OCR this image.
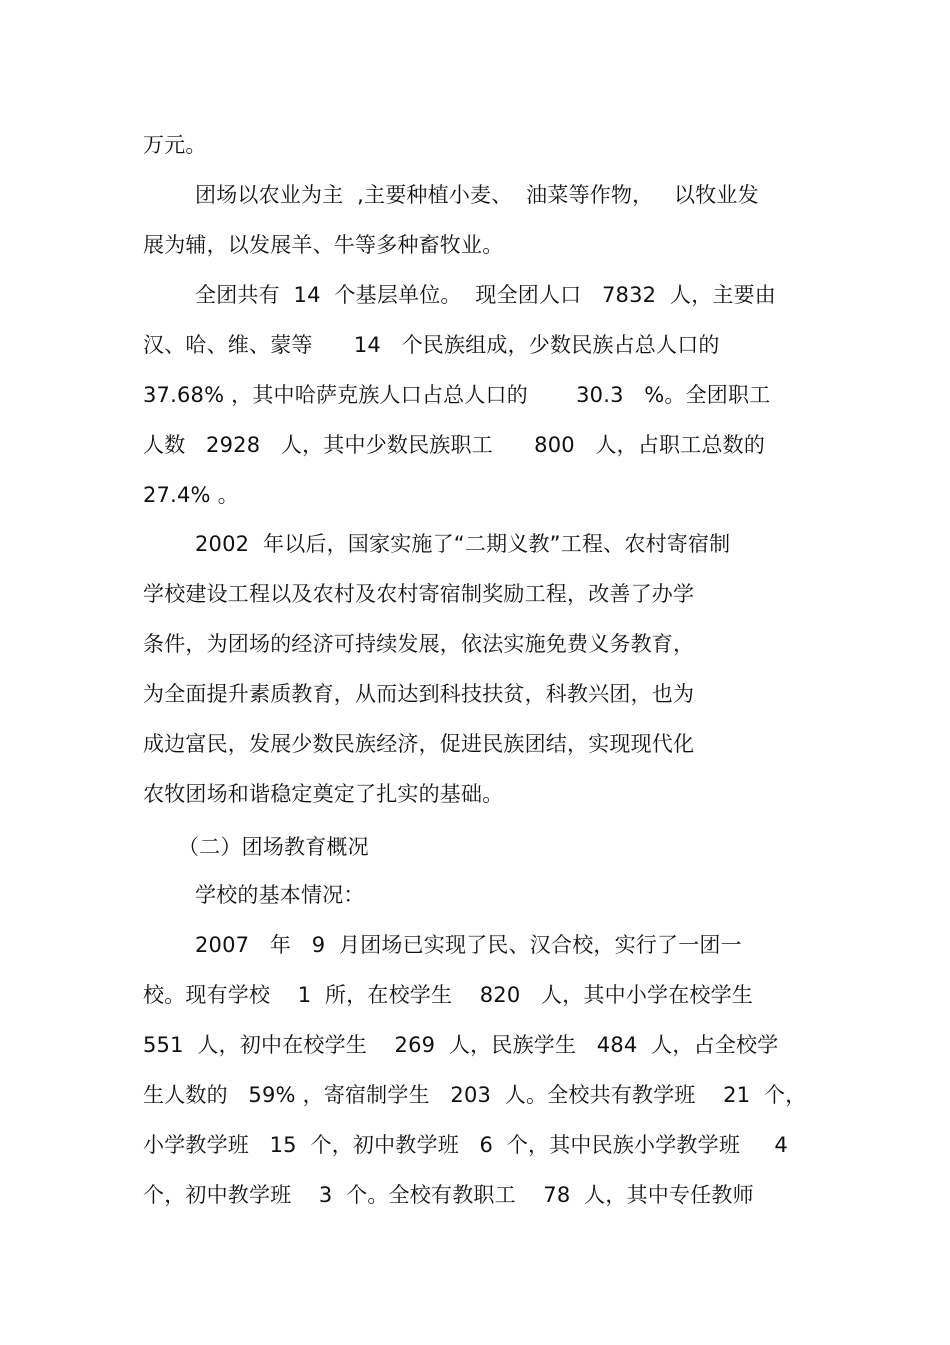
万元。
团场以农业为主  ,主要种植小麦、  油菜等作物，   以牧业发
展为辅，以发展羊、牛等多种畜牧业。
全团共有  14  个基层单位。  现全团人口   7832  人，主要由
汉、哈、维、蒙等      14   个民族组成，少数民族占总人口的
37.68% ，其中哈萨克族人口占总人口的       30.3   %。全团职工
人数   2928   人，其中少数民族职工      800   人，占职工总数的
27.4% 。
2002  年以后，国家实施了“二期义教”工程、农村寄宿制
学校建设工程以及农村及农村寄宿制奖励工程，改善了办学
条件，为团场的经济可持续发展，依法实施免费义务教育，
为全面提升素质教育，从而达到科技扶贫，科教兴团，也为
成边富民，发展少数民族经济，促进民族团结，实现现代化
农牧团场和谐稳定奠定了扎实的基础。
（二）团场教育概况
学校的基本情况：
2007   年   9  月团场已实现了民、汉合校，实行了一团一
校。现有学校    1  所，在校学生    820   人，其中小学在校学生
551  人，初中在校学生    269  人，民族学生   484  人，占全校学
生人数的   59% ，寄宿制学生   203  人。全校共有教学班    21  个，
小学教学班   15  个，初中教学班   6  个，其中民族小学教学班     4
个，初中教学班    3  个。全校有教职工    78  人，其中专任教师
